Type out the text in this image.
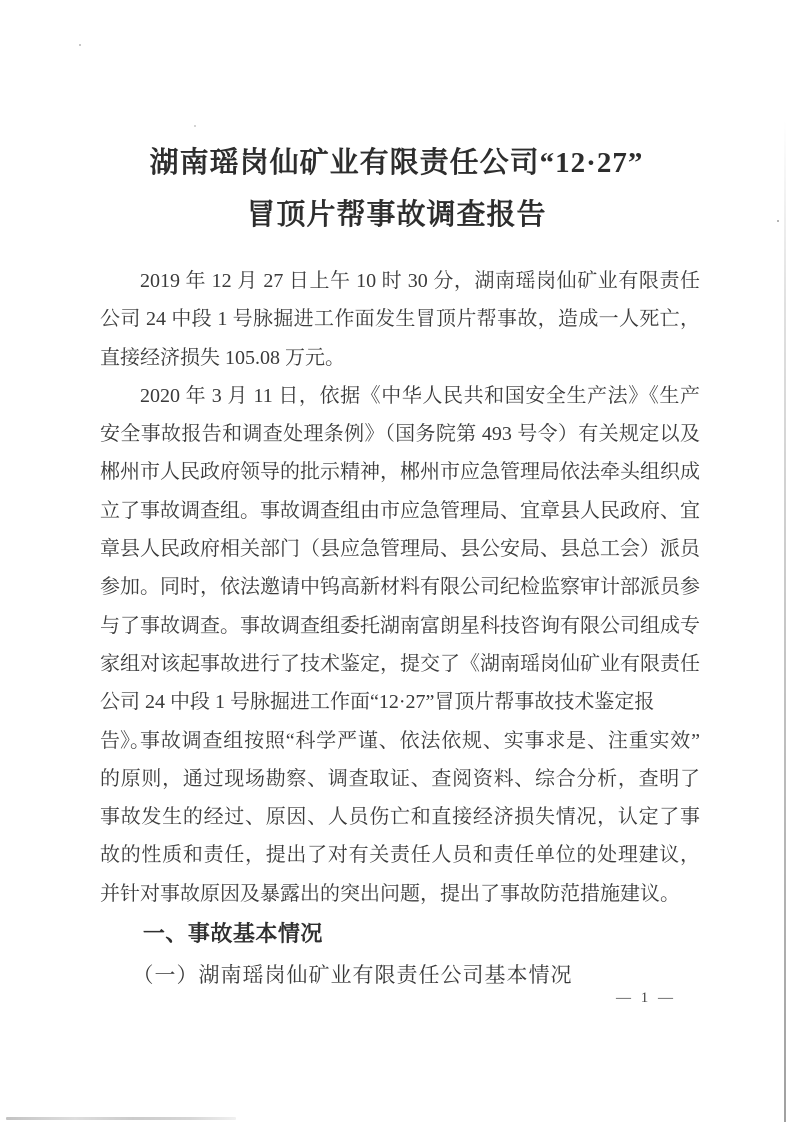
湖南瑶岗仙矿业有限责任公司“12·27”
冒顶片帮事故调查报告

2019 年 12 月 27 日上午 10 时 30 分，湖南瑶岗仙矿业有限责任
公司 24 中段 1 号脉掘进工作面发生冒顶片帮事故，造成一人死亡，
直接经济损失 105.08 万元。

2020 年 3 月 11 日，依据《中华人民共和国安全生产法》《生产
安全事故报告和调查处理条例》（国务院第 493 号令）有关规定以及
郴州市人民政府领导的批示精神，郴州市应急管理局依法牵头组织成
立了事故调查组。事故调查组由市应急管理局、宜章县人民政府、宜
章县人民政府相关部门（县应急管理局、县公安局、县总工会）派员
参加。同时，依法邀请中钨高新材料有限公司纪检监察审计部派员参
与了事故调查。事故调查组委托湖南富朗星科技咨询有限公司组成专
家组对该起事故进行了技术鉴定，提交了《湖南瑶岗仙矿业有限责任
公司 24 中段 1 号脉掘进工作面“12·27”冒顶片帮事故技术鉴定报告》。

事故调查组按照“科学严谨、依法依规、实事求是、注重实效”
的原则，通过现场勘察、调查取证、查阅资料、综合分析，查明了
事故发生的经过、原因、人员伤亡和直接经济损失情况，认定了事
故的性质和责任，提出了对有关责任人员和责任单位的处理建议，
并针对事故原因及暴露出的突出问题，提出了事故防范措施建议。

一、事故基本情况
（一）湖南瑶岗仙矿业有限责任公司基本情况
— 1 —
